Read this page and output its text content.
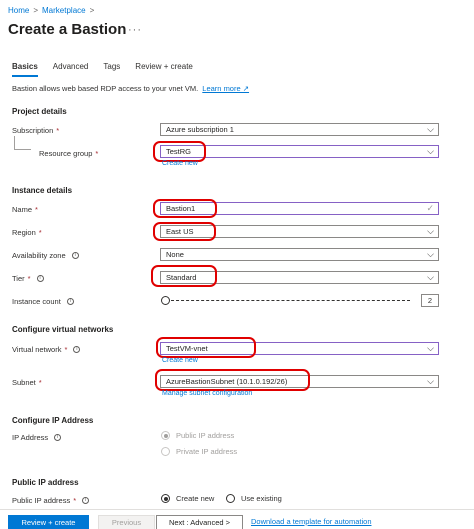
Home > Marketplace >
Create a Bastion ···
Basics Advanced Tags Review + create
Bastion allows web based RDP access to your vnet VM. Learn more ↗
Project details
Subscription *	Azure subscription 1	⌵
Resource group *	TestRG	⌵
Create new
Instance details
Name *	Bastion1	✓
Region *	East US	⌵
Availability zone	i	None	⌵
Tier *	i	Standard	⌵
Instance count	i	2
Configure virtual networks
Virtual network *	i	TestVM-vnet	⌵
Create new
Subnet *	AzureBastionSubnet (10.1.0.192/26)	⌵
Manage subnet configuration
Configure IP Address
IP Address	i	Public IP address
Private IP address
Public IP address
Public IP address *	i	Create new	Use existing
Review + create	Previous	Next : Advanced >	Download a template for automation
